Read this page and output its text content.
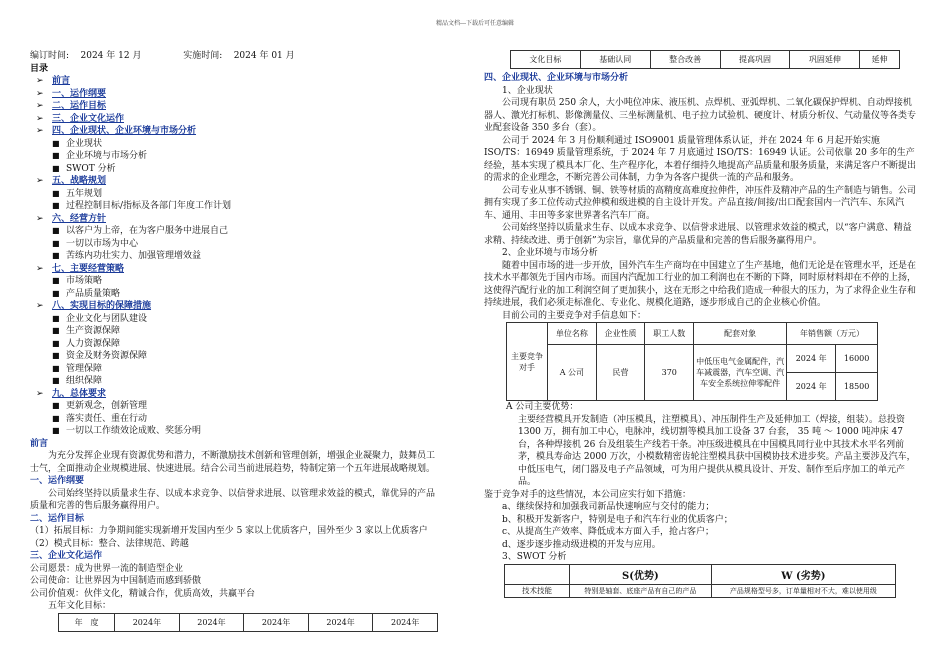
精品文档---下载后可任意编辑
编订时间: 2024 年 12 月	实施时间: 2024 年 01 月
目录
➢ 前言
➢ 一、运作纲要
➢ 二、运作目标
➢ 三、企业文化运作
➢ 四、企业现状、企业环境与市场分析
■ 企业现状
■ 企业环境与市场分析
■ SWOT 分析
➢ 五、战略规划
■ 五年规划
■ 过程控制目标/指标及各部门年度工作计划
➢ 六、经营方针
■ 以客户为上帝，在为客户服务中进展自己
■ 一切以市场为中心
■ 苦练内功壮实力、加强管理增效益
➢ 七、主要经营策略
■ 市场策略
■ 产品质量策略
➢ 八、实现目标的保障措施
■ 企业文化与团队建设
■ 生产资源保障
■ 人力资源保障
■ 资金及财务资源保障
■ 管理保障
■ 组织保障
➢ 九、总体要求
■ 更新观念，创新管理
■ 落实责任、重在行动
■ 一切以工作绩效论成败、奖惩分明
前言
为充分发挥企业现有资源优势和潜力，不断激励技术创新和管理创新，增强企业凝聚力，鼓舞员工
士气，全面推动企业规模进展、快速进展。结合公司当前进展趋势，特制定第一个五年进展战略规划。
一、运作纲要
公司始终坚持以质量求生存、以成本求竞争、以信誉求进展、以管理求效益的模式，靠优异的产品
质量和完善的售后服务赢得用户。
二、运作目标
（1）拓展目标：力争期间能实现新增开发国内至少 5 家以上优质客户，国外至少 3 家以上优质客户
（2）模式目标：整合、法律规范、跨越
三、企业文化运作
公司愿景：成为世界一流的制造型企业
公司使命：让世界因为中国制造而感到骄傲
公司价值观：伙伴文化，精诚合作，优质高效，共赢平台
五年文化目标：
年　度	2024年	2024年	2024年	2024年	2024年
文化目标	基础认同	整合改善	提高巩固	巩固延伸	延伸
四、企业现状、企业环境与市场分析
1、企业现状
公司现有职员 250 余人，大小吨位冲床、液压机、点焊机、亚弧焊机、二氧化碳保护焊机、自动焊接机器人、激光打标机、影像测量仪、三坐标测量机、电子拉力试验机、硬度计、材质分析仪、气动量仪等各类专业配套设备 350 多台（套）。
公司于 2024 年 3 月份顺利通过 ISO9001 质量管理体系认证，并在 2024 年 6 月起开始实施 ISO/TS：16949 质量管理系统，于 2024 年 7 月底通过 ISO/TS：16949 认证。公司依靠 20 多年的生产经验，基本实现了模具本厂化、生产程序化，本着仔细持久地提高产品质量和服务质量，来满足客户不断提出的需求的企业理念，不断完善公司体制，力争为各客户提供一流的产品和服务。
公司专业从事不锈钢、铜、铁等材质的高精度高难度拉伸件，冲压件及精冲产品的生产制造与销售。公司拥有实现了多工位传动式拉伸模和级进模的自主设计开发。产品直接/间接/出口配套国内一汽汽车、东风汽车、通用、丰田等多家世界著名汽车厂商。
公司始终坚持以质量求生存、以成本求竞争、以信誉求进展、以管理求效益的模式，以“客户满意、精益求精、持续改进、勇于创新”为宗旨，靠优异的产品质量和完善的售后服务赢得用户。
2、企业环境与市场分析
随着中国市场的进一步开放，国外汽车生产商均在中国建立了生产基地，他们无论是在管理水平，还是在技术水平都领先于国内市场。而国内汽配加工行业的加工利润也在不断的下降，同时原材料却在不停的上扬，这使得汽配行业的加工利润空间了更加狭小，这在无形之中给我们造成一种很大的压力，为了求得企业生存和持续进展，我们必须走标准化、专业化、规模化道路，逐步形成自己的企业核心价值。
目前公司的主要竞争对手信息如下：
主要竞争对手	单位名称	企业性质	职工人数	配套对象	年销售额（万元）	
	A 公司	民营	370	中低压电气金属配件，汽车减震器，汽车空调、汽车安全系统拉伸零配件	2024 年	16000
					2024 年	18500
A 公司主要优势：
主要经营模具开发制造（冲压模具，注塑模具）、冲压制件生产及延伸加工（焊接，组装）。总投资 1300 万，拥有加工中心，电脉冲，线切割等模具加工设备 37 台套， 35 吨 ～ 1000 吨冲床 47 台，各种焊接机 26 台及组装生产线若干条。冲压级进模具在中国模具同行业中其技术水平名列前茅，模具寿命达 2000 万次，小模数精密齿轮注塑模具获中国模协技术进步奖。产品主要涉及汽车，中低压电气，闭门器及电子产品领域，可为用户提供从模具设计、开发、制作至后序加工的单元产品。
鉴于竞争对手的这些情况，本公司应实行如下措施：
a、继续保持和加强我司新品快速响应与交付的能力；
b、积极开发新客户，特别是电子和汽车行业的优质客户；
c、从提高生产效率、降低成本方面入手，抢占客户；
d、逐步逐步推动级进模的开发与应用。
3、SWOT 分析
	S(优势)	W (劣势)
技术技能	特别是轴套、底座产品有自己的产品	产品规格型号多，订单量相对不大，难以使用级
